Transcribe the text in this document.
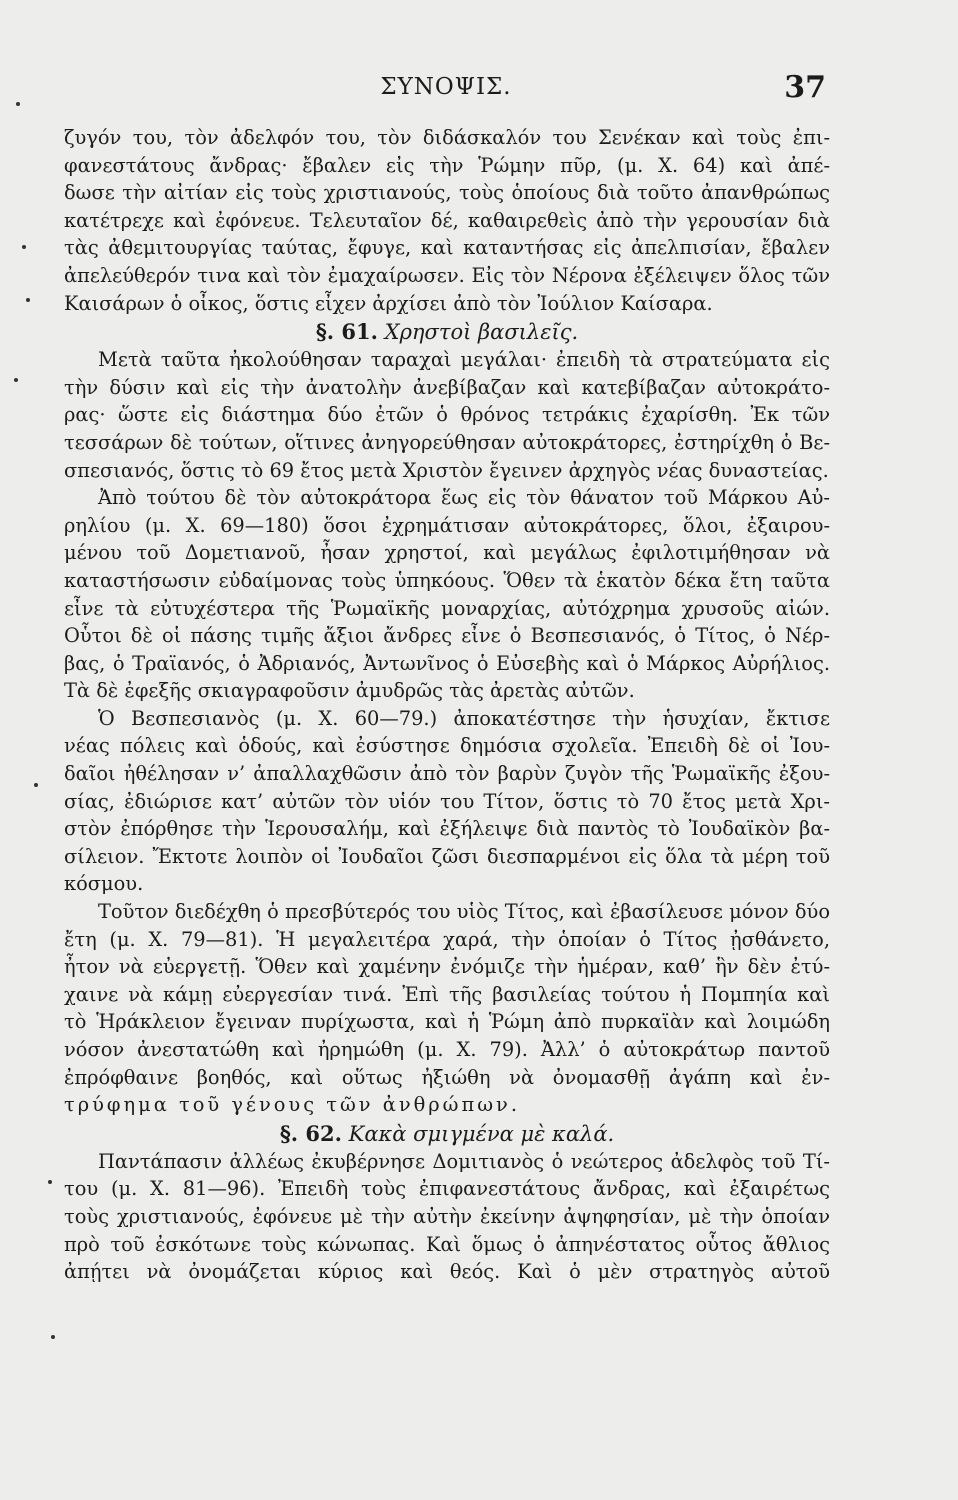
ΣΥΝΟΨΙΣ.	37
ζυγόν του, τὸν ἀδελφόν του, τὸν διδάσκαλόν του Σενέκαν καὶ τοὺς ἐπι-
φανεστάτους ἄνδρας· ἔβαλεν εἰς τὴν Ῥώμην πῦρ, (μ. Χ. 64) καὶ ἀπέ-
δωσε τὴν αἰτίαν εἰς τοὺς χριστιανούς, τοὺς ὁποίους διὰ τοῦτο ἀπανθρώπως
κατέτρεχε καὶ ἐφόνευε. Τελευταῖον δέ, καθαιρεθεὶς ἀπὸ τὴν γερουσίαν διὰ
τὰς ἀθεμιτουργίας ταύτας, ἔφυγε, καὶ καταντήσας εἰς ἀπελπισίαν, ἔβαλεν
ἀπελεύθερόν τινα καὶ τὸν ἐμαχαίρωσεν. Εἰς τὸν Νέρονα ἐξέλειψεν ὅλος τῶν
Καισάρων ὁ οἶκος, ὅστις εἶχεν ἀρχίσει ἀπὸ τὸν Ἰούλιον Καίσαρα.
§. 61. Χρηστοὶ βασιλεῖς.
Μετὰ ταῦτα ἠκολούθησαν ταραχαὶ μεγάλαι· ἐπειδὴ τὰ στρατεύματα εἰς
τὴν δύσιν καὶ εἰς τὴν ἀνατολὴν ἀνεβίβαζαν καὶ κατεβίβαζαν αὐτοκράτο-
ρας· ὥστε εἰς διάστημα δύο ἐτῶν ὁ θρόνος τετράκις ἐχαρίσθη. Ἐκ τῶν
τεσσάρων δὲ τούτων, οἵτινες ἀνηγορεύθησαν αὐτοκράτορες, ἐστηρίχθη ὁ Βε-
σπεσιανός, ὅστις τὸ 69 ἔτος μετὰ Χριστὸν ἔγεινεν ἀρχηγὸς νέας δυναστείας.
Ἀπὸ τούτου δὲ τὸν αὐτοκράτορα ἕως εἰς τὸν θάνατον τοῦ Μάρκου Αὐ-
ρηλίου (μ. Χ. 69—180) ὅσοι ἐχρημάτισαν αὐτοκράτορες, ὅλοι, ἐξαιρου-
μένου τοῦ Δομετιανοῦ, ἦσαν χρηστοί, καὶ μεγάλως ἐφιλοτιμήθησαν νὰ
καταστήσωσιν εὐδαίμονας τοὺς ὑπηκόους. Ὅθεν τὰ ἑκατὸν δέκα ἔτη ταῦτα
εἶνε τὰ εὐτυχέστερα τῆς Ῥωμαϊκῆς μοναρχίας, αὐτόχρημα χρυσοῦς αἰών.
Οὗτοι δὲ οἱ πάσης τιμῆς ἄξιοι ἄνδρες εἶνε ὁ Βεσπεσιανός, ὁ Τίτος, ὁ Νέρ-
βας, ὁ Τραϊανός, ὁ Ἀδριανός, Ἀντωνῖνος ὁ Εὐσεβὴς καὶ ὁ Μάρκος Αὐρήλιος.
Τὰ δὲ ἐφεξῆς σκιαγραφοῦσιν ἀμυδρῶς τὰς ἀρετὰς αὐτῶν.
Ὁ Βεσπεσιανὸς (μ. Χ. 60—79.) ἀποκατέστησε τὴν ἡσυχίαν, ἔκτισε
νέας πόλεις καὶ ὁδούς, καὶ ἐσύστησε δημόσια σχολεῖα. Ἐπειδὴ δὲ οἱ Ἰου-
δαῖοι ἠθέλησαν ν’ ἀπαλλαχθῶσιν ἀπὸ τὸν βαρὺν ζυγὸν τῆς Ῥωμαϊκῆς ἐξου-
σίας, ἐδιώρισε κατ’ αὐτῶν τὸν υἱόν του Τίτον, ὅστις τὸ 70 ἔτος μετὰ Χρι-
στὸν ἐπόρθησε τὴν Ἱερουσαλήμ, καὶ ἐξήλειψε διὰ παντὸς τὸ Ἰουδαϊκὸν βα-
σίλειον. Ἔκτοτε λοιπὸν οἱ Ἰουδαῖοι ζῶσι διεσπαρμένοι εἰς ὅλα τὰ μέρη τοῦ
κόσμου.
Τοῦτον διεδέχθη ὁ πρεσβύτερός του υἱὸς Τίτος, καὶ ἐβασίλευσε μόνον δύο
ἔτη (μ. Χ. 79—81). Ἡ μεγαλειτέρα χαρά, τὴν ὁποίαν ὁ Τίτος ᾐσθάνετο,
ἦτον νὰ εὐεργετῇ. Ὅθεν καὶ χαμένην ἐνόμιζε τὴν ἡμέραν, καθ’ ἣν δὲν ἐτύ-
χαινε νὰ κάμῃ εὐεργεσίαν τινά. Ἐπὶ τῆς βασιλείας τούτου ἡ Πομπηία καὶ
τὸ Ἡράκλειον ἔγειναν πυρίχωστα, καὶ ἡ Ῥώμη ἀπὸ πυρκαϊὰν καὶ λοιμώδη
νόσον ἀνεστατώθη καὶ ἠρημώθη (μ. Χ. 79). Ἀλλ’ ὁ αὐτοκράτωρ παντοῦ
ἐπρόφθαινε βοηθός, καὶ οὕτως ἠξιώθη νὰ ὀνομασθῇ ἀγάπη καὶ ἐν-
τρύφημα τοῦ γένους τῶν ἀνθρώπων.
§. 62. Κακὰ σμιγμένα μὲ καλά.
Παντάπασιν ἀλλέως ἐκυβέρνησε Δομιτιανὸς ὁ νεώτερος ἀδελφὸς τοῦ Τί-
του (μ. Χ. 81—96). Ἐπειδὴ τοὺς ἐπιφανεστάτους ἄνδρας, καὶ ἐξαιρέτως
τοὺς χριστιανούς, ἐφόνευε μὲ τὴν αὐτὴν ἐκείνην ἀψηφησίαν, μὲ τὴν ὁποίαν
πρὸ τοῦ ἐσκότωνε τοὺς κώνωπας. Καὶ ὅμως ὁ ἀπηνέστατος οὗτος ἄθλιος
ἀπῄτει νὰ ὀνομάζεται κύριος καὶ θεός. Καὶ ὁ μὲν στρατηγὸς αὐτοῦ
